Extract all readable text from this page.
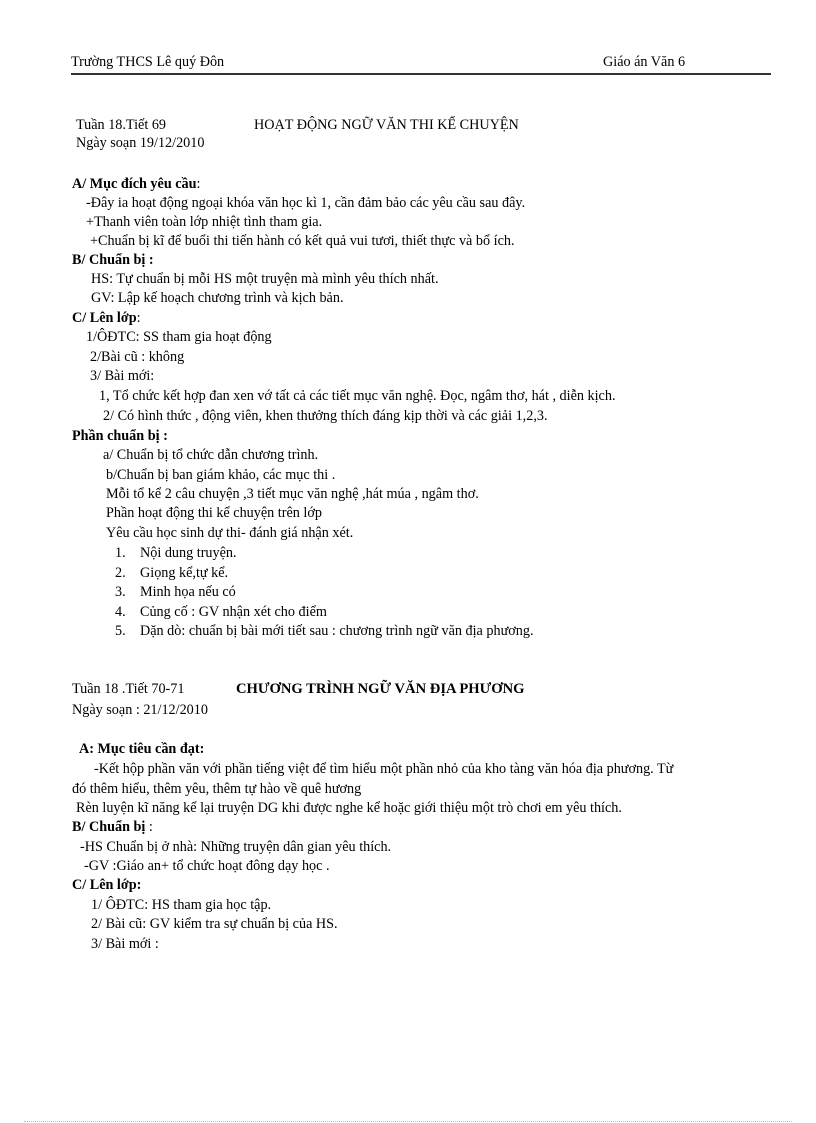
Trường THCS Lê quý Đôn	Giáo án Văn 6
Tuần 18.Tiết 69	HOẠT ĐỘNG NGỮ VĂN THI KỂ CHUYỆN
Ngày soạn 19/12/2010
A/ Mục đích yêu cầu:
-Đây ia hoạt động ngoại khóa văn học kì 1, cần đảm bảo các yêu cầu sau đây.
+Thanh viên toàn lớp nhiệt tình tham gia.
+Chuẩn bị kĩ để buổi thi tiến hành có kết quả vui tươi, thiết thực và bổ ích.
B/ Chuẩn bị :
HS: Tự chuẩn bị mỗi HS một truyện mà mình yêu thích nhất.
GV: Lập kế hoạch chương trình và kịch bản.
C/ Lên lớp:
1/ÔĐTC: SS tham gia hoạt động
2/Bài cũ : không
3/ Bài mới:
1, Tổ chức kết hợp đan xen vớ tất cả các tiết mục văn nghệ. Đọc, ngâm thơ, hát , diễn kịch.
2/ Có hình thức , động viên, khen thưởng thích đáng kịp thời và các giải 1,2,3.
Phần chuẩn bị :
a/ Chuẩn bị tổ chức dẫn chương trình.
b/Chuẩn bị ban giám khảo, các mục thi .
Mỗi tổ kể 2 câu chuyện ,3 tiết mục văn nghệ ,hát múa , ngâm thơ.
Phần hoạt động thi kể chuyện trên lớp
Yêu cầu học sinh dự thi- đánh giá nhận xét.
1. Nội dung truyện.
2. Giọng kể,tự kể.
3. Minh họa nếu có
4. Củng cố : GV nhận xét cho điểm
5. Dặn dò: chuẩn bị bài mới tiết sau : chương trình ngữ văn địa phương.
Tuần 18 .Tiết 70-71	CHƯƠNG TRÌNH NGỮ VĂN ĐỊA PHƯƠNG
Ngày soạn : 21/12/2010
A: Mục tiêu cần đạt:
-Kết hộp phần văn với phần tiếng việt để tìm hiểu một phần nhỏ của kho tàng văn hóa địa phương. Từ
đó thêm hiểu, thêm yêu, thêm tự hào về quê hương
Rèn luyện kĩ năng kể lại truyện DG khi được nghe kể hoặc giới thiệu một trò chơi em yêu thích.
B/ Chuẩn bị :
-HS Chuẩn bị ở nhà: Những truyện dân gian yêu thích.
-GV :Giáo an+ tổ chức hoạt đông dạy học .
C/ Lên lớp:
1/ ÔĐTC: HS tham gia học tập.
2/ Bài cũ: GV kiểm tra sự chuẩn bị của HS.
3/ Bài mới :
